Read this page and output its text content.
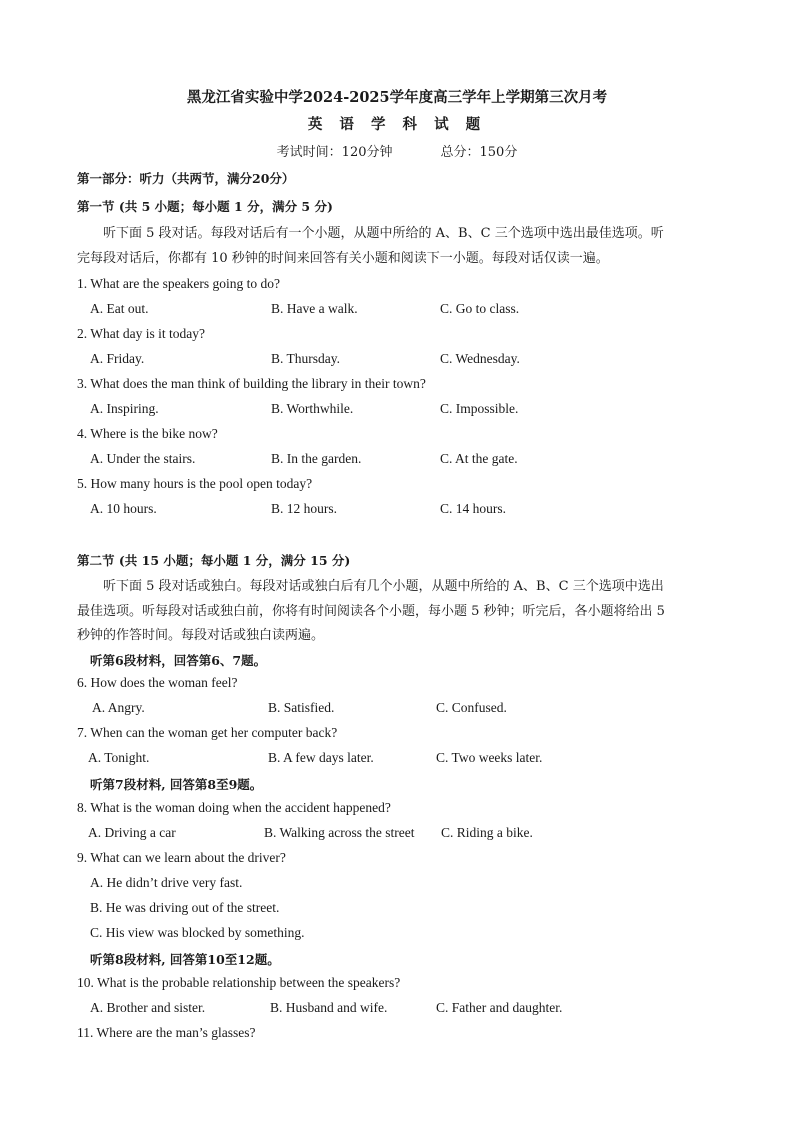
黑龙江省实验中学2024-2025学年度高三学年上学期第三次月考
英 语 学 科 试 题
考试时间：120分钟	总分：150分
第一部分：听力（共两节，满分20分）
第一节 (共 5 小题；每小题 1 分，满分 5 分)
听下面 5 段对话。每段对话后有一个小题，从题中所给的 A、B、C 三个选项中选出最佳选项。听
完每段对话后，你都有 10 秒钟的时间来回答有关小题和阅读下一小题。每段对话仅读一遍。
1. What are the speakers going to do?
A. Eat out.	B. Have a walk.	C. Go to class.
2. What day is it today?
A. Friday.	B. Thursday.	C. Wednesday.
3. What does the man think of building the library in their town?
A. Inspiring.	B. Worthwhile.	C. Impossible.
4. Where is the bike now?
A. Under the stairs.	B. In the garden.	C. At the gate.
5. How many hours is the pool open today?
A. 10 hours.	B. 12 hours.	C. 14 hours.
第二节 (共 15 小题；每小题 1 分，满分 15 分)
听下面 5 段对话或独白。每段对话或独白后有几个小题，从题中所给的 A、B、C 三个选项中选出
最佳选项。听每段对话或独白前，你将有时间阅读各个小题，每小题 5 秒钟；听完后，各小题将给出 5
秒钟的作答时间。每段对话或独白读两遍。
听第6段材料，回答第6、7题。
6. How does the woman feel?
A. Angry.	B. Satisfied.	C. Confused.
7. When can the woman get her computer back?
A. Tonight.	B. A few days later.	C. Two weeks later.
听第7段材料, 回答第8至9题。
8. What is the woman doing when the accident happened?
A. Driving a car	B. Walking across the street C. Riding a bike.
9. What can we learn about the driver?
A. He didn’t drive very fast.
B. He was driving out of the street.
C. His view was blocked by something.
听第8段材料, 回答第10至12题。
10. What is the probable relationship between the speakers?
A. Brother and sister.	B. Husband and wife.	C. Father and daughter.
11. Where are the man’s glasses?
